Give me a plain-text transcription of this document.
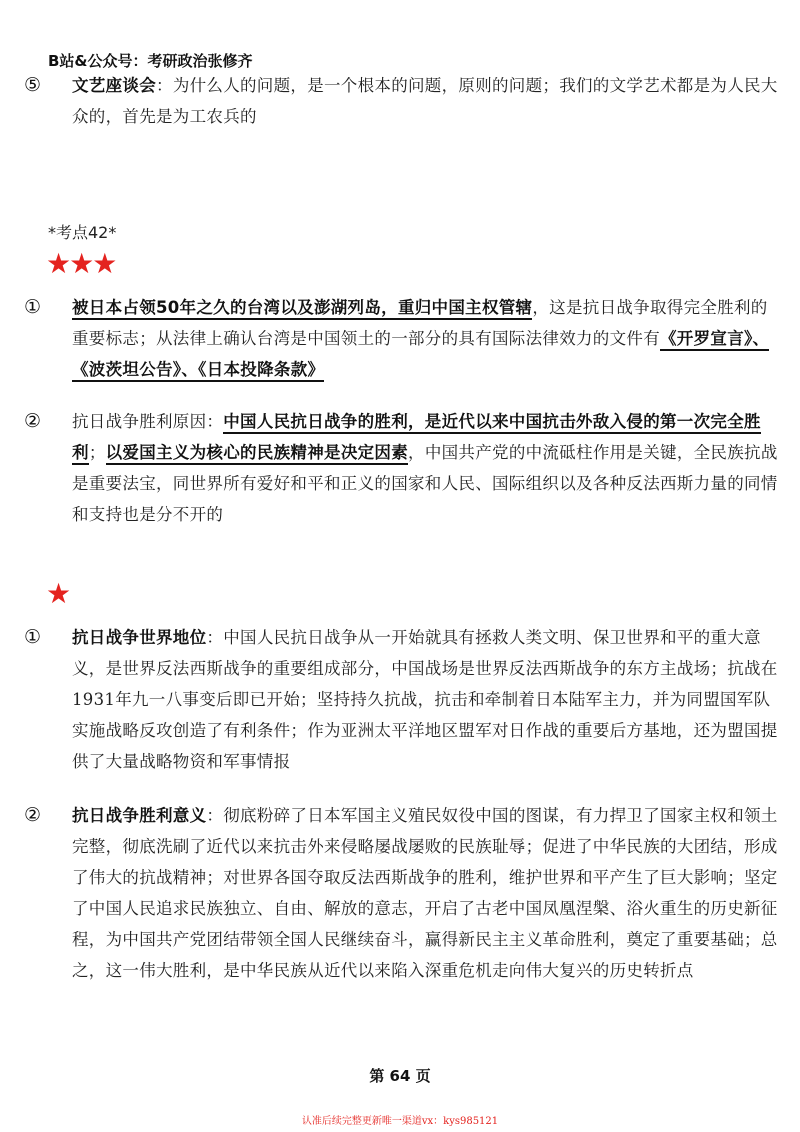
B站&公众号：考研政治张修齐
⑤ 文艺座谈会：为什么人的问题，是一个根本的问题，原则的问题；我们的文学艺术都是为人民大众的，首先是为工农兵的
*考点42*
★★★
① 被日本占领50年之久的台湾以及澎湖列岛，重归中国主权管辖，这是抗日战争取得完全胜利的重要标志；从法律上确认台湾是中国领土的一部分的具有国际法律效力的文件有《开罗宣言》、《波茨坦公告》、《日本投降条款》
② 抗日战争胜利原因：中国人民抗日战争的胜利，是近代以来中国抗击外敌入侵的第一次完全胜利；以爱国主义为核心的民族精神是决定因素，中国共产党的中流砥柱作用是关键，全民族抗战是重要法宝，同世界所有爱好和平和正义的国家和人民、国际组织以及各种反法西斯力量的同情和支持也是分不开的
★
① 抗日战争世界地位：中国人民抗日战争从一开始就具有拯救人类文明、保卫世界和平的重大意义，是世界反法西斯战争的重要组成部分，中国战场是世界反法西斯战争的东方主战场；抗战在1931年九一八事变后即已开始；坚持持久抗战，抗击和牵制着日本陆军主力，并为同盟国军队实施战略反攻创造了有利条件；作为亚洲太平洋地区盟军对日作战的重要后方基地，还为盟国提供了大量战略物资和军事情报
② 抗日战争胜利意义：彻底粉碎了日本军国主义殖民奴役中国的图谋，有力捍卫了国家主权和领土完整，彻底洗刷了近代以来抗击外来侵略屡战屡败的民族耻辱；促进了中华民族的大团结，形成了伟大的抗战精神；对世界各国夺取反法西斯战争的胜利，维护世界和平产生了巨大影响；坚定了中国人民追求民族独立、自由、解放的意志，开启了古老中国凤凰涅槃、浴火重生的历史新征程，为中国共产党团结带领全国人民继续奋斗，赢得新民主主义革命胜利，奠定了重要基础；总之，这一伟大胜利，是中华民族从近代以来陷入深重危机走向伟大复兴的历史转折点
第 64 页
认准后续完整更新唯一渠道vx：kys985121
